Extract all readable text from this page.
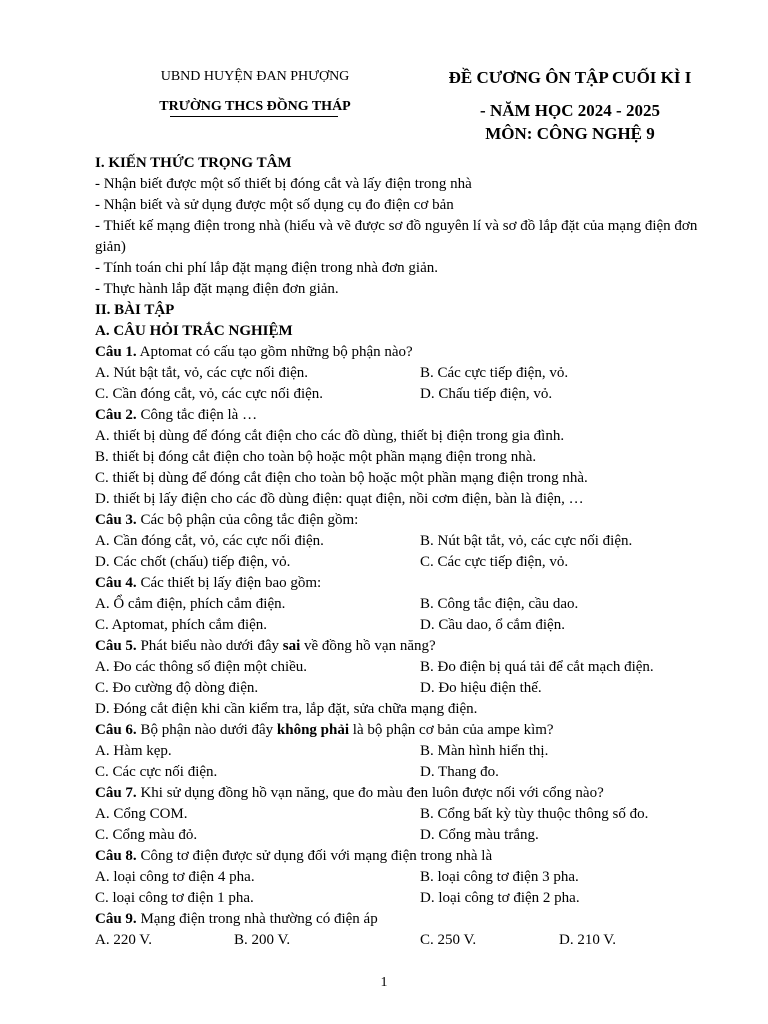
UBND HUYỆN ĐAN PHƯỢNG
TRƯỜNG THCS ĐỒNG THÁP
ĐỀ CƯƠNG ÔN TẬP CUỐI KÌ I
- NĂM HỌC 2024 - 2025
MÔN: CÔNG NGHỆ 9
I. KIẾN THỨC TRỌNG TÂM
- Nhận biết được một số thiết bị đóng cắt và lấy điện trong nhà
- Nhận biết và sử dụng được một số dụng cụ đo điện cơ bản
- Thiết kế mạng điện trong nhà (hiểu và vẽ được sơ đồ nguyên lí và sơ đồ lắp đặt của mạng điện đơn giản)
- Tính toán chi phí lắp đặt mạng điện trong nhà đơn giản.
- Thực hành lắp đặt mạng điện đơn giản.
II. BÀI TẬP
A. CÂU HỎI TRẮC NGHIỆM
Câu 1. Aptomat có cấu tạo gồm những bộ phận nào?
A. Nút bật tắt, vỏ, các cực nối điện.	B. Các cực tiếp điện, vỏ.
C. Cần đóng cắt, vỏ, các cực nối điện.	D. Chấu tiếp điện, vỏ.
Câu 2. Công tắc điện là …
A. thiết bị dùng để đóng cắt điện cho các đồ dùng, thiết bị điện trong gia đình.
B. thiết bị đóng cắt điện cho toàn bộ hoặc một phần mạng điện trong nhà.
C. thiết bị dùng để đóng cắt điện cho toàn bộ hoặc một phần mạng điện trong nhà.
D. thiết bị lấy điện cho các đồ dùng điện: quạt điện, nồi cơm điện, bàn là điện, …
Câu 3. Các bộ phận của công tắc điện gồm:
A. Cần đóng cắt, vỏ, các cực nối điện.	B. Nút bật tắt, vỏ, các cực nối điện.
D. Các chốt (chấu) tiếp điện, vỏ.	C. Các cực tiếp điện, vỏ.
Câu 4. Các thiết bị lấy điện bao gồm:
A. Ổ cắm điện, phích cắm điện.	B. Công tắc điện, cầu dao.
C. Aptomat, phích cắm điện.	D. Cầu dao, ổ cắm điện.
Câu 5. Phát biểu nào dưới đây sai về đồng hồ vạn năng?
A. Đo các thông số điện một chiều.	B. Đo điện bị quá tải để cắt mạch điện.
C. Đo cường độ dòng điện.	D. Đo hiệu điện thế.
D. Đóng cắt điện khi cần kiểm tra, lắp đặt, sửa chữa mạng điện.
Câu 6. Bộ phận nào dưới đây không phải là bộ phận cơ bản của ampe kìm?
A. Hàm kẹp.	B. Màn hình hiển thị.
C. Các cực nối điện.	D. Thang đo.
Câu 7. Khi sử dụng đồng hồ vạn năng, que đo màu đen luôn được nối với cổng nào?
A. Cổng COM.	B. Cổng bất kỳ tùy thuộc thông số đo.
C. Cổng màu đỏ.	D. Cổng màu trắng.
Câu 8. Công tơ điện được sử dụng đối với mạng điện trong nhà là
A. loại công tơ điện 4 pha.	B. loại công tơ điện 3 pha.
C. loại công tơ điện 1 pha.	D. loại công tơ điện 2 pha.
Câu 9. Mạng điện trong nhà thường có điện áp
A. 220 V.	B. 200 V.	C. 250 V.	D. 210 V.
1
